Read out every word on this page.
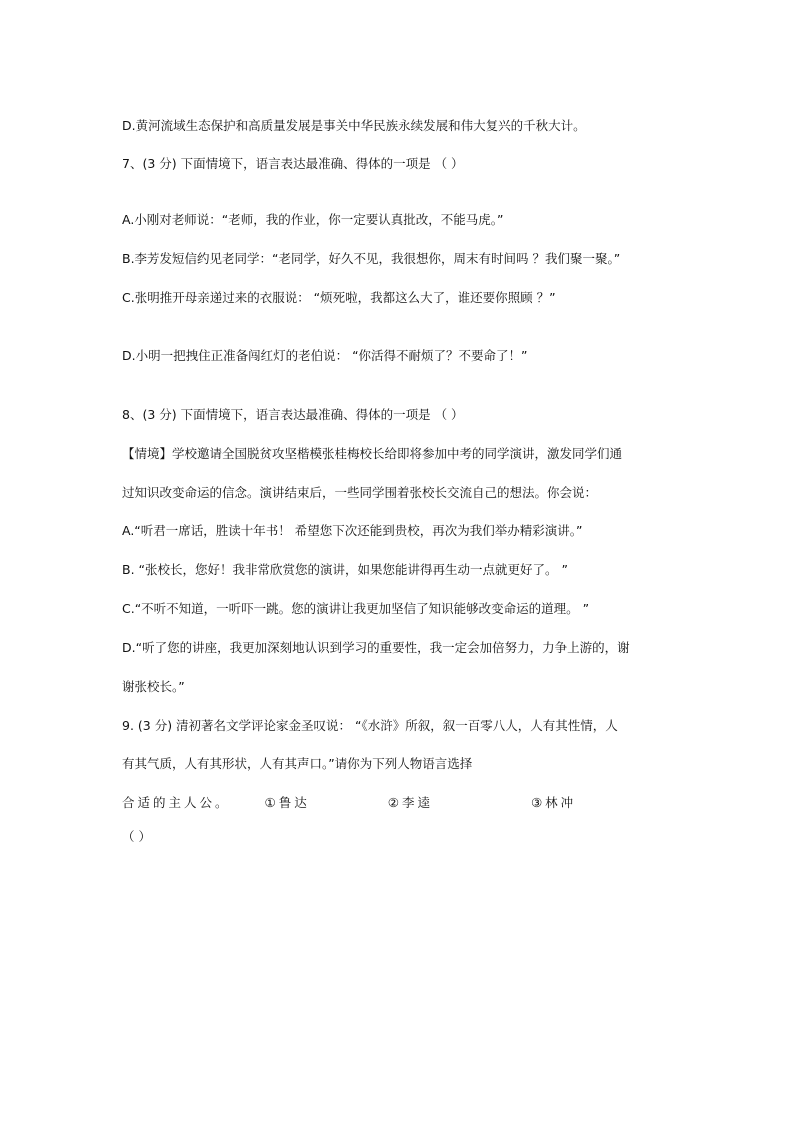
D.黄河流域生态保护和高质量发展是事关中华民族永续发展和伟大复兴的千秋大计。
7、(3 分) 下面情境下，语言表达最准确、得体的一项是 （ ）
A.小刚对老师说：“老师，我的作业，你一定要认真批改，不能马虎。”
B.李芳发短信约见老同学：“老同学，好久不见，我很想你，周末有时间吗 ？我们聚一聚。”
C.张明推开母亲递过来的衣服说： “烦死啦，我都这么大了，谁还要你照顾 ？”
D.小明一把拽住正准备闯红灯的老伯说： “你活得不耐烦了？不要命了！”
8、(3 分) 下面情境下，语言表达最准确、得体的一项是 （ ）
【情境】学校邀请全国脱贫攻坚楷模张桂梅校长给即将参加中考的同学演讲，激发同学们通
过知识改变命运的信念。演讲结束后，一些同学围着张校长交流自己的想法。你会说：
A.“听君一席话，胜读十年书！ 希望您下次还能到贵校，再次为我们举办精彩演讲。”
B. “张校长，您好！我非常欣赏您的演讲，如果您能讲得再生动一点就更好了。 ”
C.“不听不知道，一听吓一跳。您的演讲让我更加坚信了知识能够改变命运的道理。 ”
D.“听了您的讲座，我更加深刻地认识到学习的重要性，我一定会加倍努力，力争上游的，谢
谢张校长。”
9. (3 分) 清初著名文学评论家金圣叹说： “《水浒》所叙，叙一百零八人，人有其性情，人
有其气质，人有其形状，人有其声口。”请你为下列人物语言选择
合适的主人公。	①鲁达	②李逵	③林冲
（ ）
